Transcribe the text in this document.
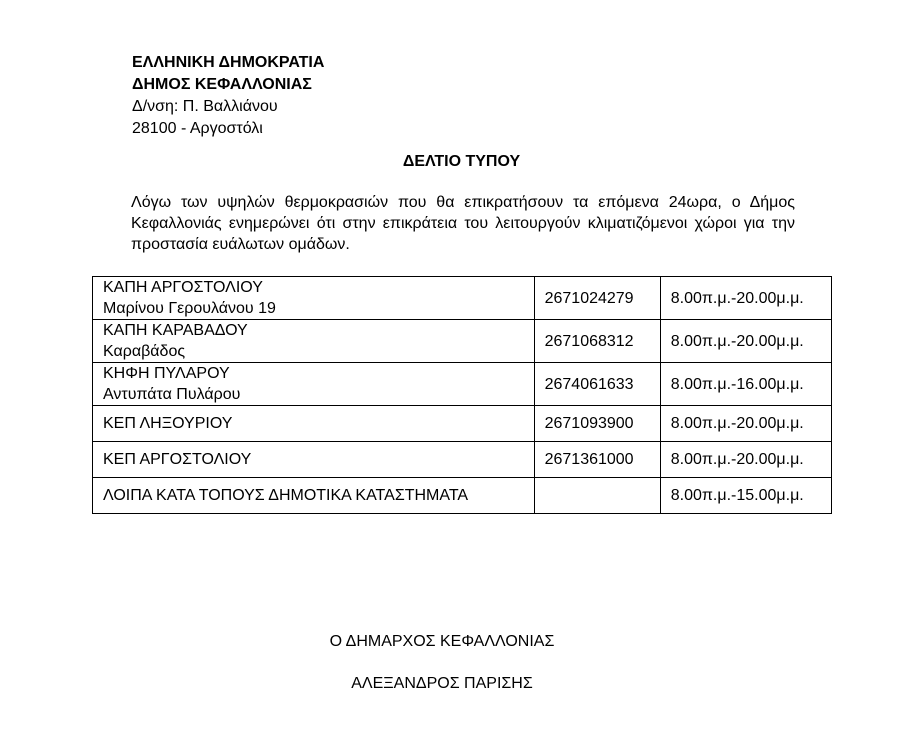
ΕΛΛΗΝΙΚΗ ΔΗΜΟΚΡΑΤΙΑ
ΔΗΜΟΣ ΚΕΦΑΛΛΟΝΙΑΣ
Δ/νση: Π. Βαλλιάνου
28100 - Αργοστόλι
ΔΕΛΤΙΟ ΤΥΠΟΥ
Λόγω των υψηλών θερμοκρασιών που θα επικρατήσουν τα επόμενα 24ωρα, ο Δήμος Κεφαλλονιάς ενημερώνει ότι στην επικράτεια του λειτουργούν κλιματιζόμενοι χώροι για την προστασία ευάλωτων ομάδων.
ΚΑΠΗ ΑΡΓΟΣΤΟΛΙΟΥ
Μαρίνου Γερουλάνου 19	2671024279	8.00π.μ.-20.00μ.μ.

ΚΑΠΗ ΚΑΡΑΒΑΔΟΥ
Καραβάδος	2671068312	8.00π.μ.-20.00μ.μ.

ΚΗΦΗ ΠΥΛΑΡΟΥ
Αντυπάτα Πυλάρου	2674061633	8.00π.μ.-16.00μ.μ.
ΚΕΠ ΛΗΞΟΥΡΙΟΥ	2671093900	8.00π.μ.-20.00μ.μ.
ΚΕΠ ΑΡΓΟΣΤΟΛΙΟΥ	2671361000	8.00π.μ.-20.00μ.μ.
ΛΟΙΠΑ ΚΑΤΑ ΤΟΠΟΥΣ ΔΗΜΟΤΙΚΑ ΚΑΤΑΣΤΗΜΑΤΑ		8.00π.μ.-15.00μ.μ.
Ο ΔΗΜΑΡΧΟΣ ΚΕΦΑΛΛΟΝΙΑΣ
ΑΛΕΞΑΝΔΡΟΣ ΠΑΡΙΣΗΣ
